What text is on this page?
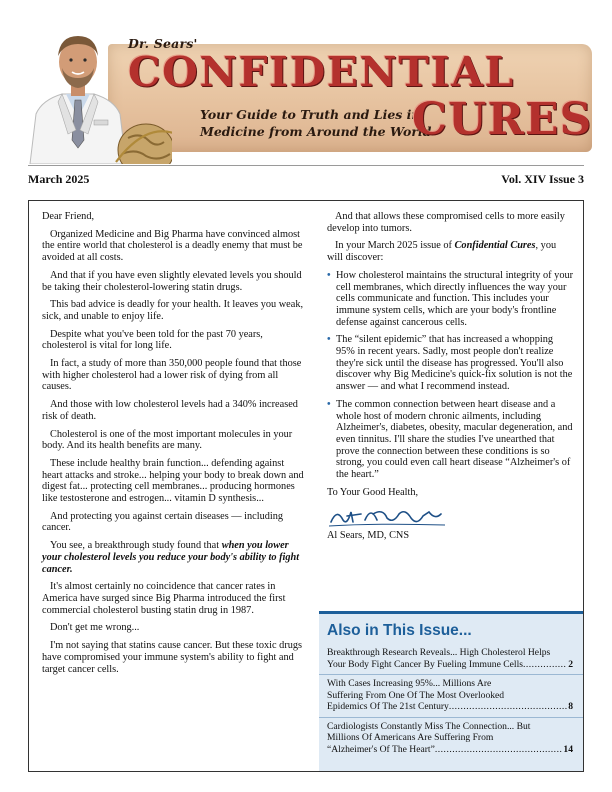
Dr. Sears'
CONFIDENTIAL
Your Guide to Truth and Lies in
Medicine from Around the World
CURES
March 2025	Vol. XIV Issue 3

Dear Friend,

Organized Medicine and Big Pharma have convinced almost the entire world that cholesterol is a deadly enemy that must be avoided at all costs.

And that if you have even slightly elevated levels you should be taking their cholesterol-lowering statin drugs.

This bad advice is deadly for your health. It leaves you weak, sick, and unable to enjoy life.

Despite what you've been told for the past 70 years, cholesterol is vital for long life.

In fact, a study of more than 350,000 people found that those with higher cholesterol had a lower risk of dying from all causes.

And those with low cholesterol levels had a 340% increased risk of death.

Cholesterol is one of the most important molecules in your body. And its health benefits are many.

These include healthy brain function... defending against heart attacks and stroke... helping your body to break down and digest fat... protecting cell membranes... producing hormones like testosterone and estrogen... vitamin D synthesis...

And protecting you against certain diseases — including cancer.

You see, a breakthrough study found that when you lower your cholesterol levels you reduce your body's ability to fight cancer.

It's almost certainly no coincidence that cancer rates in America have surged since Big Pharma introduced the first commercial cholesterol busting statin drug in 1987.

Don't get me wrong...

I'm not saying that statins cause cancer. But these toxic drugs have compromised your immune system's ability to fight and target cancer cells.

And that allows these compromised cells to more easily develop into tumors.

In your March 2025 issue of Confidential Cures, you will discover:

• How cholesterol maintains the structural integrity of your cell membranes, which directly influences the way your cells communicate and function. This includes your immune system cells, which are your body's frontline defense against cancerous cells.
• The “silent epidemic” that has increased a whopping 95% in recent years. Sadly, most people don't realize they're sick until the disease has progressed. You'll also discover why Big Medicine's quick-fix solution is not the answer — and what I recommend instead.
• The common connection between heart disease and a whole host of modern chronic ailments, including Alzheimer's, diabetes, obesity, macular degeneration, and even tinnitus. I'll share the studies I've unearthed that prove the connection between these conditions is so strong, you could even call heart disease “Alzheimer's of the heart.”

To Your Good Health,

Al Sears, MD, CNS

Also in This Issue...
Breakthrough Research Reveals... High Cholesterol Helps
Your Body Fight Cancer By Fueling Immune Cells .....	2
With Cases Increasing 95%... Millions Are
Suffering From One Of The Most Overlooked
Epidemics Of The 21st Century .....	8
Cardiologists Constantly Miss The Connection... But
Millions Of Americans Are Suffering From
“Alzheimer's Of The Heart” .....	14
